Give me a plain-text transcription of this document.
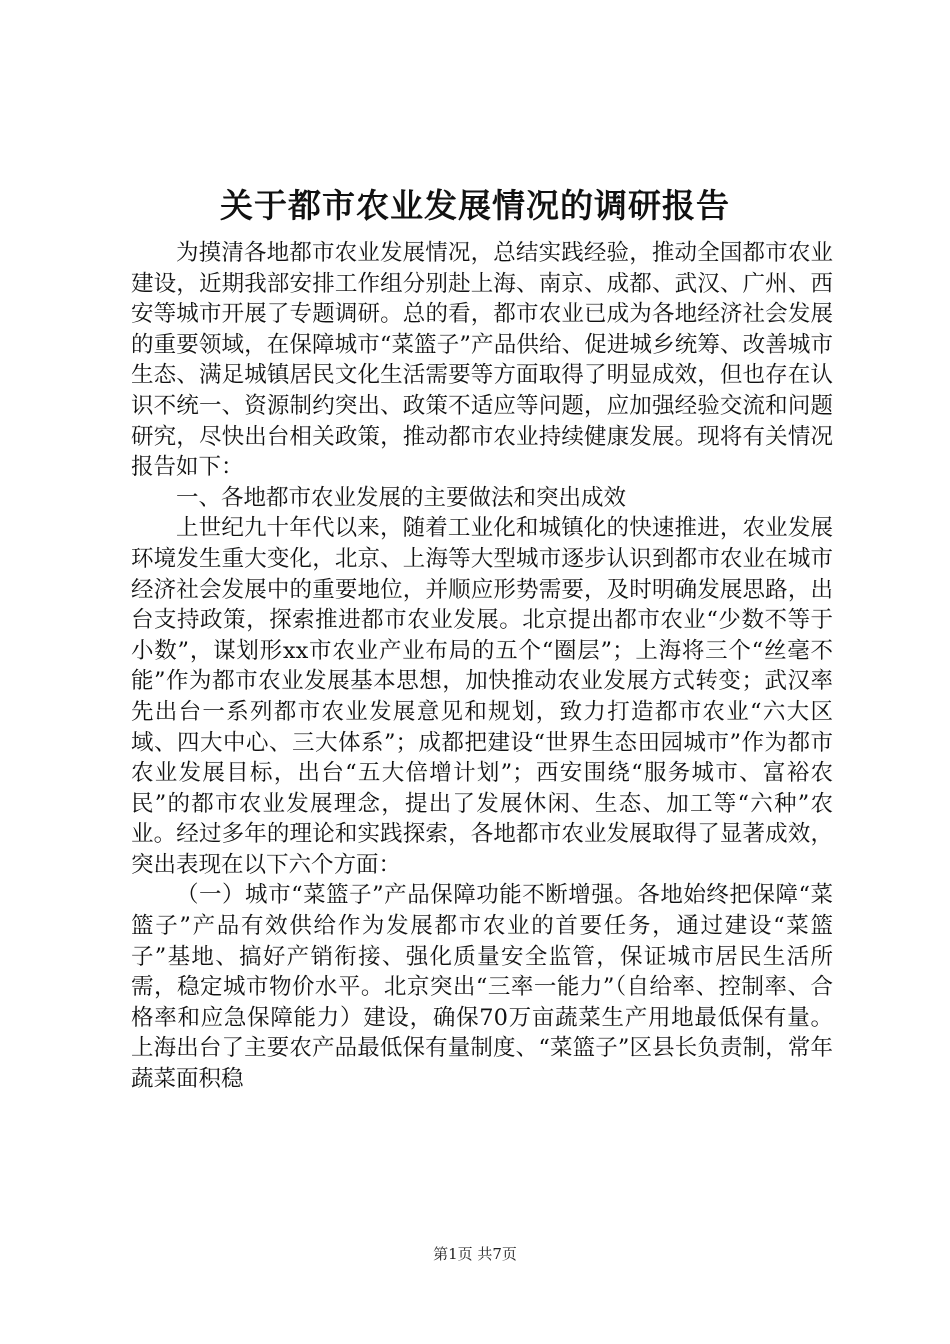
关于都市农业发展情况的调研报告

为摸清各地都市农业发展情况，总结实践经验，推动全国都市农业建设，近期我部安排工作组分别赴上海、南京、成都、武汉、广州、西安等城市开展了专题调研。总的看，都市农业已成为各地经济社会发展的重要领域，在保障城市“菜篮子”产品供给、促进城乡统筹、改善城市生态、满足城镇居民文化生活需要等方面取得了明显成效，但也存在认识不统一、资源制约突出、政策不适应等问题，应加强经验交流和问题研究，尽快出台相关政策，推动都市农业持续健康发展。现将有关情况报告如下：

一、各地都市农业发展的主要做法和突出成效

上世纪九十年代以来，随着工业化和城镇化的快速推进，农业发展环境发生重大变化，北京、上海等大型城市逐步认识到都市农业在城市经济社会发展中的重要地位，并顺应形势需要，及时明确发展思路，出台支持政策，探索推进都市农业发展。北京提出都市农业“少数不等于小数”，谋划形xx市农业产业布局的五个“圈层”；上海将三个“丝毫不能”作为都市农业发展基本思想，加快推动农业发展方式转变；武汉率先出台一系列都市农业发展意见和规划，致力打造都市农业“六大区域、四大中心、三大体系”；成都把建设“世界生态田园城市”作为都市农业发展目标，出台“五大倍增计划”；西安围绕“服务城市、富裕农民”的都市农业发展理念，提出了发展休闲、生态、加工等“六种”农业。经过多年的理论和实践探索，各地都市农业发展取得了显著成效，突出表现在以下六个方面：

（一）城市“菜篮子”产品保障功能不断增强。各地始终把保障“菜篮子”产品有效供给作为发展都市农业的首要任务，通过建设“菜篮子”基地、搞好产销衔接、强化质量安全监管，保证城市居民生活所需，稳定城市物价水平。北京突出“三率一能力”（自给率、控制率、合格率和应急保障能力）建设，确保70万亩蔬菜生产用地最低保有量。上海出台了主要农产品最低保有量制度、“菜篮子”区县长负责制，常年蔬菜面积稳

第1页 共7页
